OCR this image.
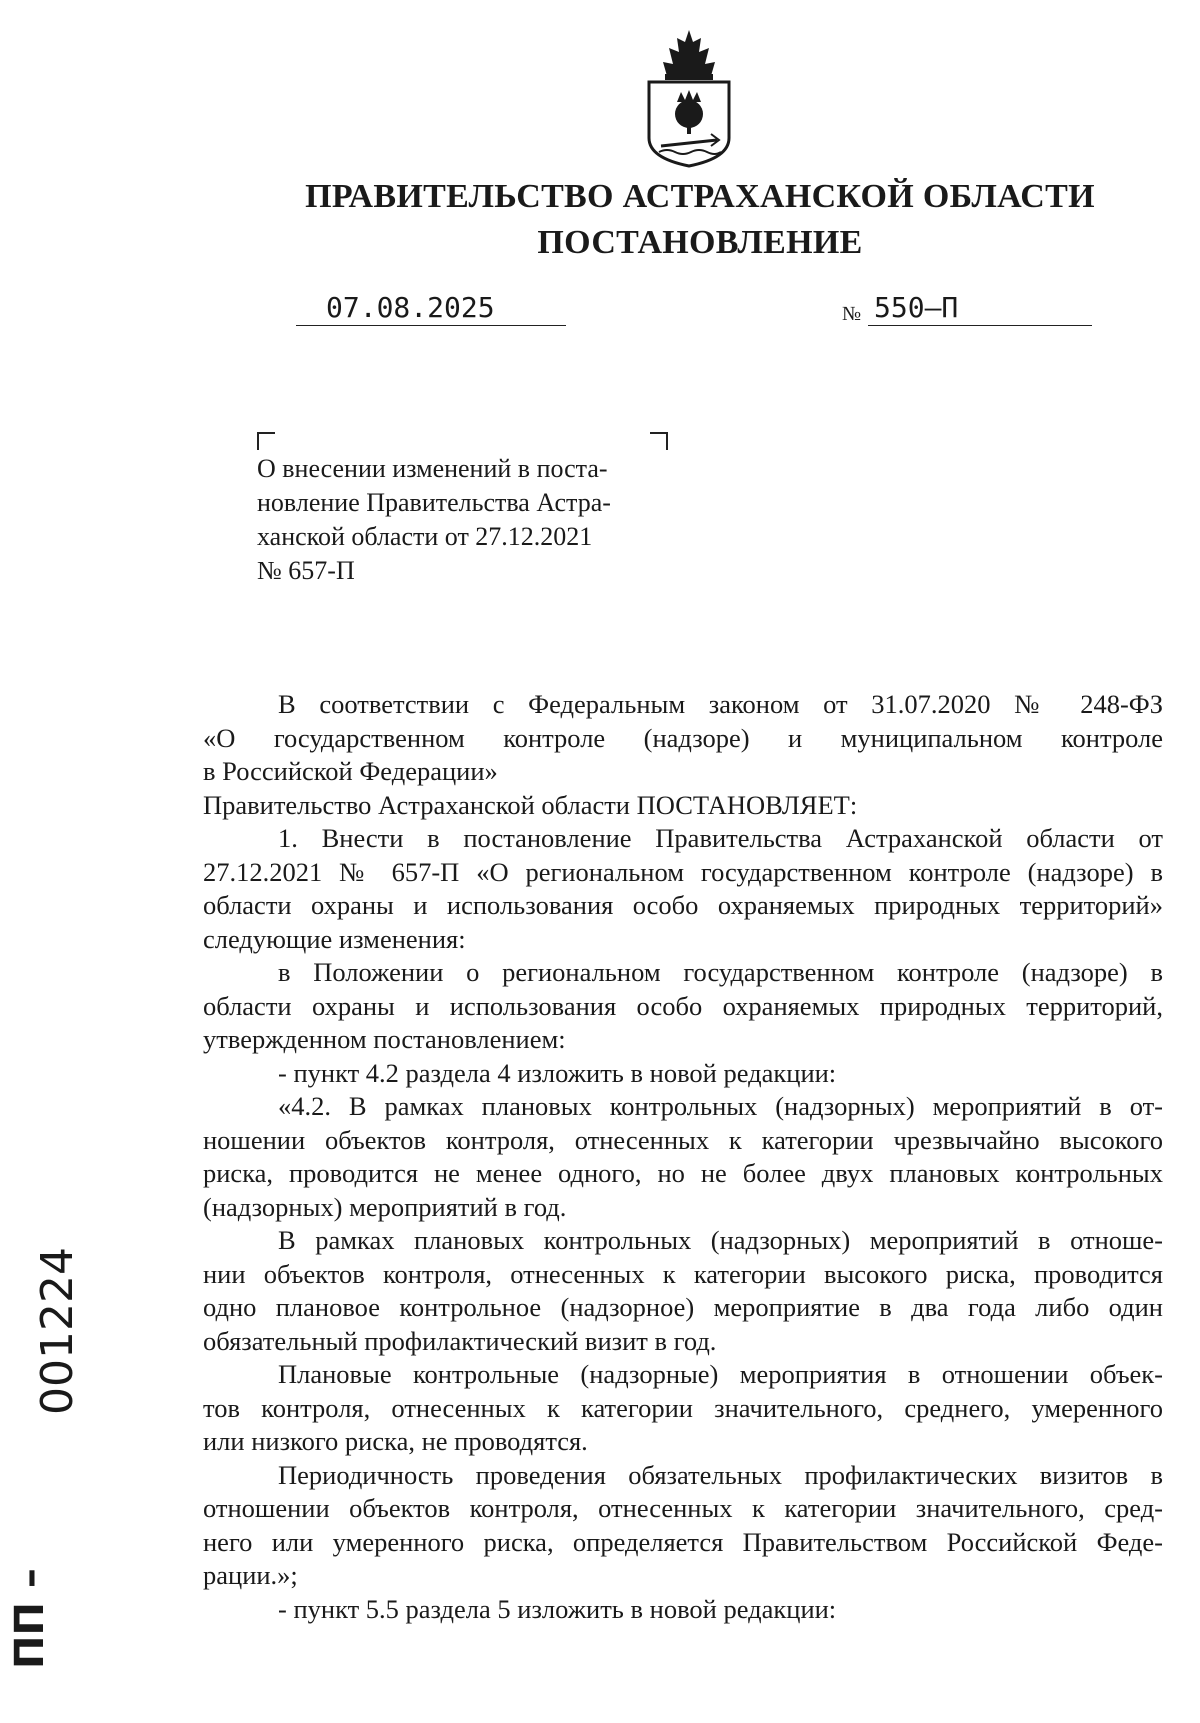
ПРАВИТЕЛЬСТВО АСТРАХАНСКОЙ ОБЛАСТИ
ПОСТАНОВЛЕНИЕ
07.08.2025	№ 550–П
О внесении изменений в поста-
новление Правительства Астра-
ханской области от 27.12.2021
№ 657-П

В соответствии с Федеральным законом от 31.07.2020 № 248-ФЗ

«О государственном контроле (надзоре) и муниципальном контроле

в Российской Федерации»

Правительство Астраханской области ПОСТАНОВЛЯЕТ:

1. Внести в постановление Правительства Астраханской области от

27.12.2021 № 657-П «О региональном государственном контроле (надзоре) в

области охраны и использования особо охраняемых природных территорий»

следующие изменения:

в Положении о региональном государственном контроле (надзоре) в

области охраны и использования особо охраняемых природных территорий,

утвержденном постановлением:

- пункт 4.2 раздела 4 изложить в новой редакции:

«4.2. В рамках плановых контрольных (надзорных) мероприятий в от-

ношении объектов контроля, отнесенных к категории чрезвычайно высокого

риска, проводится не менее одного, но не более двух плановых контрольных

(надзорных) мероприятий в год.

В рамках плановых контрольных (надзорных) мероприятий в отноше-

нии объектов контроля, отнесенных к категории высокого риска, проводится

одно плановое контрольное (надзорное) мероприятие в два года либо один

обязательный профилактический визит в год.

Плановые контрольные (надзорные) мероприятия в отношении объек-

тов контроля, отнесенных к категории значительного, среднего, умеренного

или низкого риска, не проводятся.

Периодичность проведения обязательных профилактических визитов в

отношении объектов контроля, отнесенных к категории значительного, сред-

него или умеренного риска, определяется Правительством Российской Феде-

рации.»;

- пункт 5.5 раздела 5 изложить в новой редакции:

001224
ПП –
